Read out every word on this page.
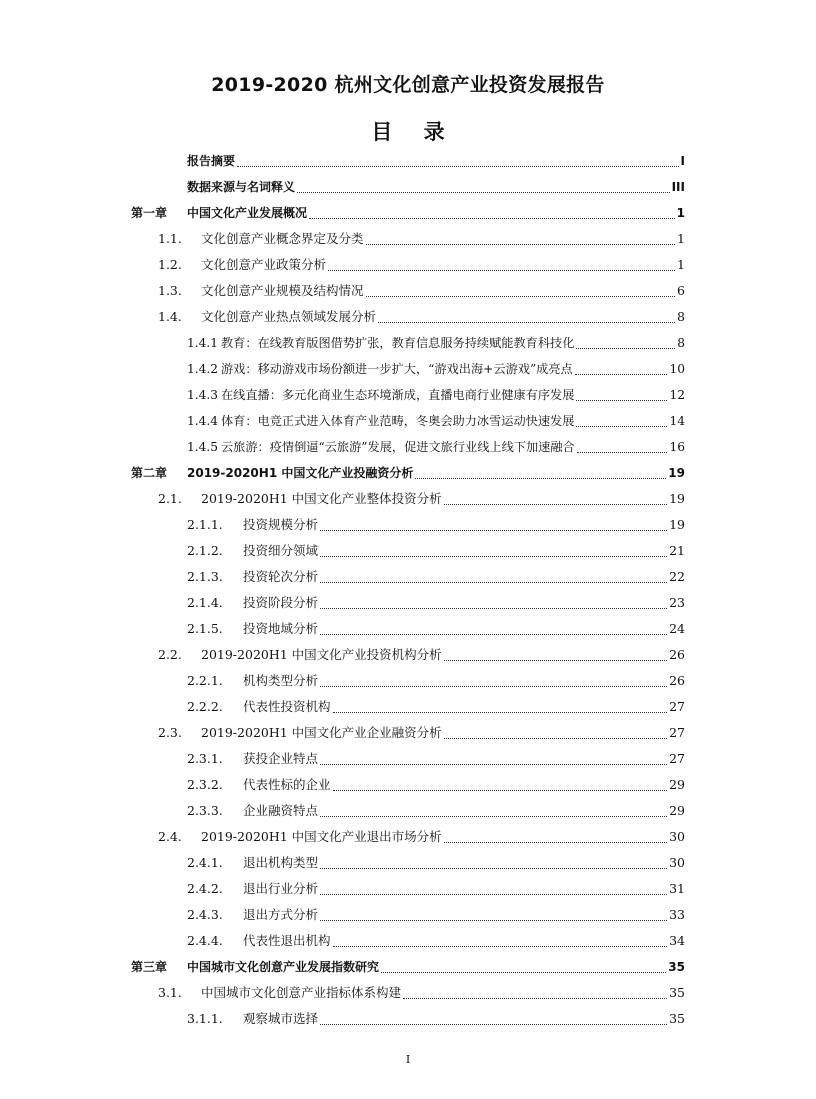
2019-2020 杭州文化创意产业投资发展报告
目 录
报告摘要	I
数据来源与名词释义	III
第一章	中国文化产业发展概况	1
1.1.	文化创意产业概念界定及分类	1
1.2.	文化创意产业政策分析	1
1.3.	文化创意产业规模及结构情况	6
1.4.	文化创意产业热点领域发展分析	8
1.4.1 教育：在线教育版图借势扩张，教育信息服务持续赋能教育科技化	8
1.4.2 游戏：移动游戏市场份额进一步扩大，“游戏出海+云游戏”成亮点	10
1.4.3 在线直播：多元化商业生态环境渐成，直播电商行业健康有序发展	12
1.4.4 体育：电竞正式进入体育产业范畴，冬奥会助力冰雪运动快速发展	14
1.4.5 云旅游：疫情倒逼“云旅游”发展，促进文旅行业线上线下加速融合	16
第二章	2019-2020H1 中国文化产业投融资分析	19
2.1.	2019-2020H1 中国文化产业整体投资分析	19
2.1.1.	投资规模分析	19
2.1.2.	投资细分领域	21
2.1.3.	投资轮次分析	22
2.1.4.	投资阶段分析	23
2.1.5.	投资地域分析	24
2.2.	2019-2020H1 中国文化产业投资机构分析	26
2.2.1.	机构类型分析	26
2.2.2.	代表性投资机构	27
2.3.	2019-2020H1 中国文化产业企业融资分析	27
2.3.1.	获投企业特点	27
2.3.2.	代表性标的企业	29
2.3.3.	企业融资特点	29
2.4.	2019-2020H1 中国文化产业退出市场分析	30
2.4.1.	退出机构类型	30
2.4.2.	退出行业分析	31
2.4.3.	退出方式分析	33
2.4.4.	代表性退出机构	34
第三章	中国城市文化创意产业发展指数研究	35
3.1.	中国城市文化创意产业指标体系构建	35
3.1.1.	观察城市选择	35
I
